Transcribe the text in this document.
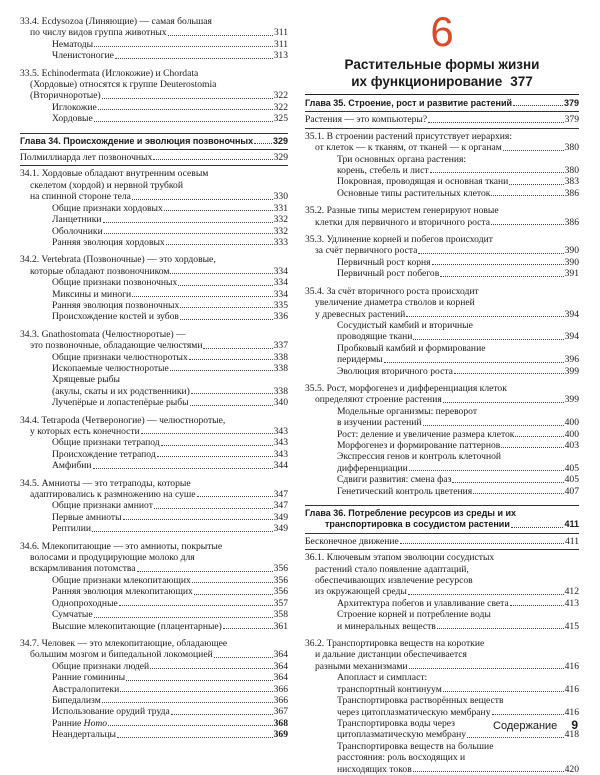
33.4. Ecdysozoa (Линяющие) — самая большая
по числу видов группа животных	311
Нематоды	311
Членистоногие	313
33.5. Echinodermata (Иглокожие) и Chordata
(Хордовые) относятся к группе Deuterostomia
(Вторичноротые)	322
Иглокожие	322
Хордовые	325
Глава 34. Происхождение и эволюция позвоночных 329
Полмиллиарда лет позвоночных	329
34.1. Хордовые обладают внутренним осевым
скелетом (хордой) и нервной трубкой
на спинной стороне тела	330
Общие признаки хордовых	331
Ланцетники	332
Оболочники	332
Ранняя эволюция хордовых	333
34.2. Vertebrata (Позвоночные) — это хордовые,
которые обладают позвоночником	334
Общие признаки позвоночных	334
Миксины и миноги	334
Ранняя эволюция позвоночных	335
Происхождение костей и зубов	336
34.3. Gnathostomata (Челюстноротые) —
это позвоночные, обладающие челюстями	337
Общие признаки челюстноротых	338
Ископаемые челюстноротые	338
Хрящевые рыбы
(акулы, скаты и их родственники)	338
Лучепёрые и лопастепёрые рыбы	340
34.4. Tetrapoda (Четвероногие) — челюстноротые,
у которых есть конечности	343
Общие признаки тетрапод	343
Происхождение тетрапод	343
Амфибии	344
34.5. Амниоты — это тетраподы, которые
адаптировались к размножению на суше	347
Общие признаки амниот	347
Первые амниоты	349
Рептилии	349
34.6. Млекопитающие — это амниоты, покрытые
волосами и продуцирующие молоко для
вскармливания потомства	356
Общие признаки млекопитающих	356
Ранняя эволюция млекопитающих	356
Однопроходные	357
Сумчатые	358
Высшие млекопитающие (плацентарные)	361
34.7. Человек — это млекопитающие, обладающее
большим мозгом и бипедальной локомоцией	364
Общие признаки людей	364
Ранние гоминины	364
Австралопитеки	366
Бипедализм	366
Использование орудий труда	367
Ранние Homo	368
Неандертальцы	369
6
Растительные формы жизни
их функционирование 377
Глава 35. Строение, рост и развитие растений	379
Растения — это компьютеры?	379
35.1. В строении растений присутствует иерархия:
от клеток — к тканям, от тканей — к органам	380
Три основных органа растения:
корень, стебель и лист	380
Покровная, проводящая и основная ткани	383
Основные типы растительных клеток	386
35.2. Разные типы меристем генерируют новые
клетки для первичного и вторичного роста	386
35.3. Удлинение корней и побегов происходит
за счёт первичного роста	390
Первичный рост корня	390
Первичный рост побегов	391
35.4. За счёт вторичного роста происходит
увеличение диаметра стволов и корней
у древесных растений	394
Сосудистый камбий и вторичные
проводящие ткани	394
Пробковый камбий и формирование
перидермы	396
Эволюция вторичного роста	399
35.5. Рост, морфогенез и дифференциация клеток
определяют строение растения	399
Модельные организмы: переворот
в изучении растений	400
Рост: деление и увеличение размера клеток	400
Морфогенез и формирование паттернов	403
Экспрессия генов и контроль клеточной
дифференциации	405
Сдвиги развития: смена фаз	405
Генетический контроль цветения	407
Глава 36. Потребление ресурсов из среды и их
транспортировка в сосудистом растении	411
Бесконечное движение	411
36.1. Ключевым этапом эволюции сосудистых
растений стало появление адаптаций,
обеспечивающих извлечение ресурсов
из окружающей среды	412
Архитектура побегов и улавливание света	413
Строение корней и потребление воды
и минеральных веществ	415
36.2. Транспортировка веществ на короткие
и дальние дистанции обеспечивается
разными механизмами	416
Апопласт и симпласт:
транспортный континуум	416
Транспортировка растворённых веществ
через цитоплазматическую мембрану	416
Транспортировка воды через
цитоплазматическую мембрану	418
Транспортировка веществ на большие
расстояния: роль восходящих и
нисходящих токов	420
Содержание 9
